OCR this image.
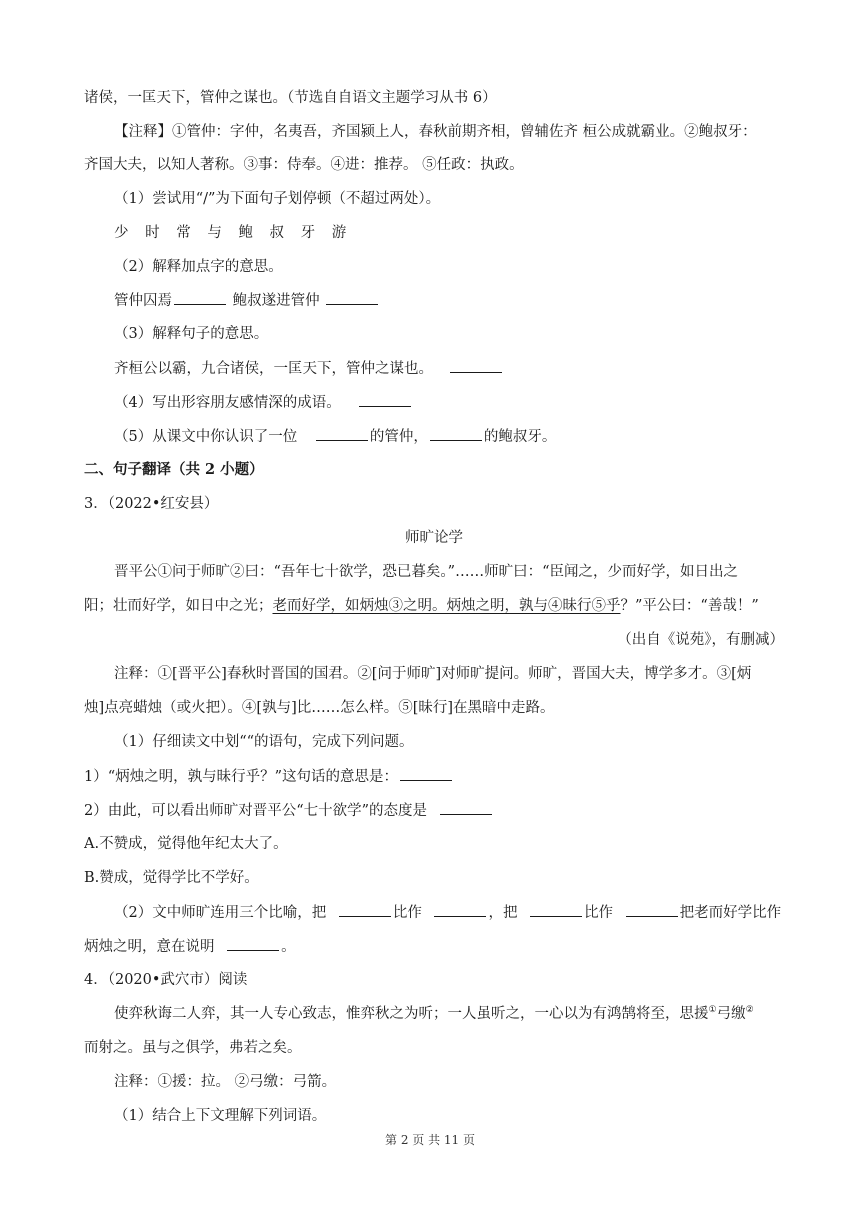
诸侯，一匡天下，管仲之谋也。（节选自自语文主题学习从书 6）
【注释】①管仲：字仲，名夷吾，齐国颍上人，春秋前期齐相，曾辅佐齐 桓公成就霸业。②鲍叔牙：
齐国大夫，以知人著称。③事：侍奉。④进：推荐。 ⑤任政：执政。
（1）尝试用“/”为下面句子划停顿（不超过两处）。
少 时 常 与 鲍 叔 牙 游
（2）解释加点字的意思。
管仲囚焉	鲍叔遂进管仲
（3）解释句子的意思。
齐桓公以霸，九合诸侯，一匡天下，管仲之谋也。
（4）写出形容朋友感情深的成语。
（5）从课文中你认识了一位	的管仲，	的鲍叔牙。
二、句子翻译（共 2 小题）
3．（2022•红安县）
师旷论学
晋平公①问于师旷②曰：“吾年七十欲学，恐已暮矣。”……师旷曰：“臣闻之，少而好学，如日出之
阳；壮而好学，如日中之光；老而好学，如炳烛③之明。炳烛之明，孰与④昧行⑤乎？”平公曰：“善哉！”
（出自《说苑》，有删减）
注释：①[晋平公]春秋时晋国的国君。②[问于师旷]对师旷提问。师旷，晋国大夫，博学多才。③[炳
烛]点亮蜡烛（或火把）。④[孰与]比……怎么样。⑤[昧行]在黑暗中走路。
（1）仔细读文中划““的语句，完成下列问题。
1）“炳烛之明，孰与昧行乎？”这句话的意思是：
2）由此，可以看出师旷对晋平公“七十欲学”的态度是
A.不赞成，觉得他年纪太大了。
B.赞成，觉得学比不学好。
（2）文中师旷连用三个比喻，把	比作	，把	比作	把老而好学比作
炳烛之明，意在说明	。
4．（2020•武穴市）阅读
使弈秋诲二人弈，其一人专心致志，惟弈秋之为听；一人虽听之，一心以为有鸿鹄将至，思援①弓缴②
而射之。虽与之俱学，弗若之矣。
注释：①援：拉。 ②弓缴：弓箭。
（1）结合上下文理解下列词语。
第 2 页 共 11 页
